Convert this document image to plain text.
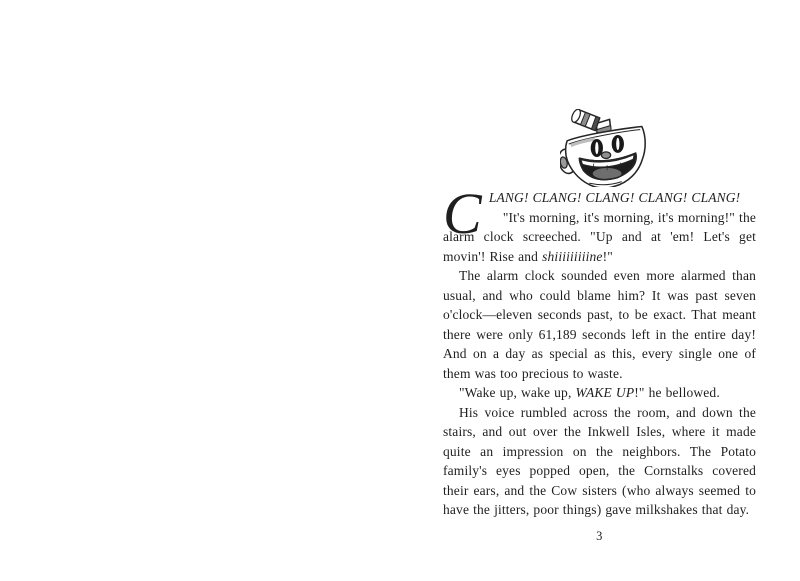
CLANG! CLANG! CLANG! CLANG! CLANG!
"It's morning, it's morning, it's morning!" the alarm clock screeched. "Up and at 'em! Let's get movin'! Rise and shiiiiiiiiine!"

The alarm clock sounded even more alarmed than usual, and who could blame him? It was past seven o'clock—eleven seconds past, to be exact. That meant there were only 61,189 seconds left in the entire day! And on a day as special as this, every single one of them was too precious to waste.

"Wake up, wake up, WAKE UP!" he bellowed.

His voice rumbled across the room, and down the stairs, and out over the Inkwell Isles, where it made quite an impression on the neighbors. The Potato family's eyes popped open, the Cornstalks covered their ears, and the Cow sisters (who always seemed to have the jitters, poor things) gave milkshakes that day.

3
